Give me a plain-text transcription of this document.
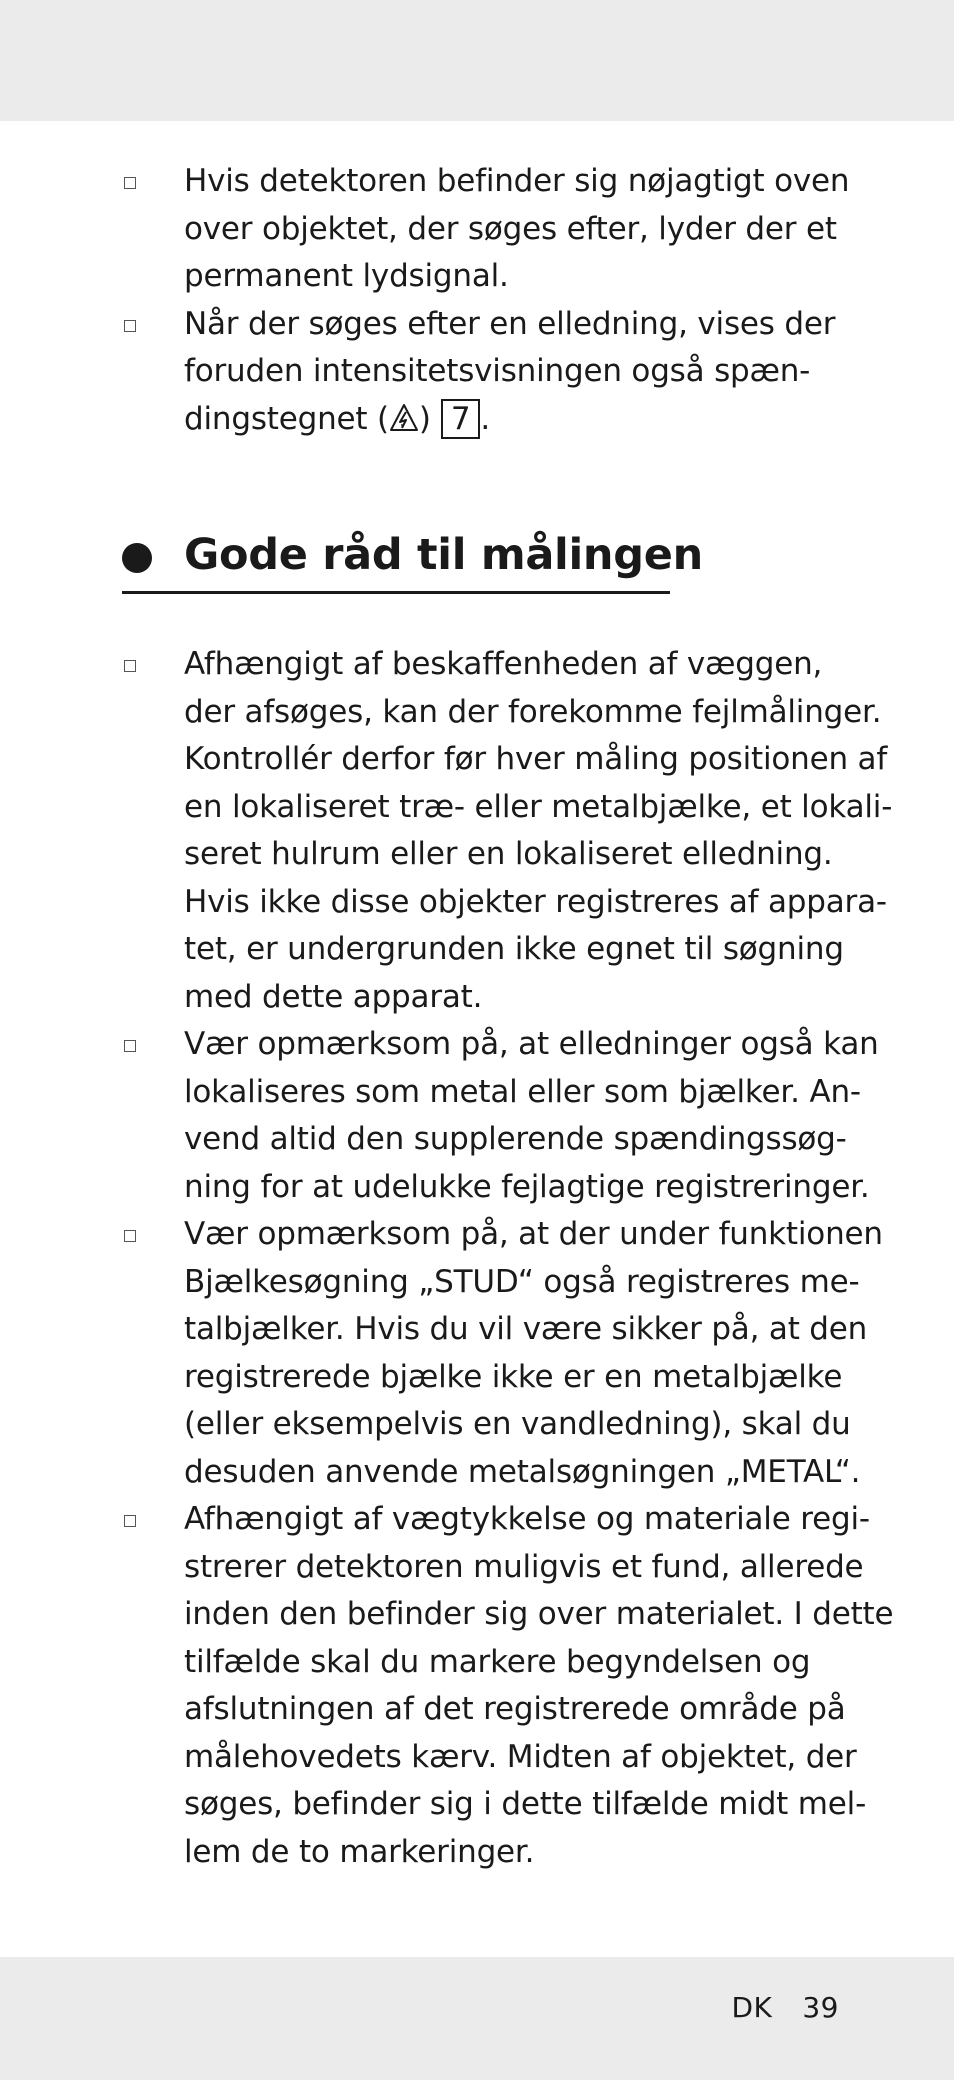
Hvis detektoren befinder sig nøjagtigt oven
over objektet, der søges efter, lyder der et
permanent lydsignal.
Når der søges efter en elledning, vises der
foruden intensitetsvisningen også spæn-
dingstegnet ( ) 7 .
Gode råd til målingen
Afhængigt af beskaffenheden af væggen,
der afsøges, kan der forekomme fejlmålinger.
Kontrollér derfor før hver måling positionen af
en lokaliseret træ- eller metalbjælke, et lokali-
seret hulrum eller en lokaliseret elledning.
Hvis ikke disse objekter registreres af appara-
tet, er undergrunden ikke egnet til søgning
med dette apparat.
Vær opmærksom på, at elledninger også kan
lokaliseres som metal eller som bjælker. An-
vend altid den supplerende spændingssøg-
ning for at udelukke fejlagtige registreringer.
Vær opmærksom på, at der under funktionen
Bjælkesøgning „STUD“ også registreres me-
talbjælker. Hvis du vil være sikker på, at den
registrerede bjælke ikke er en metalbjælke
(eller eksempelvis en vandledning), skal du
desuden anvende metalsøgningen „METAL“.
Afhængigt af vægtykkelse og materiale regi-
strerer detektoren muligvis et fund, allerede
inden den befinder sig over materialet. I dette
tilfælde skal du markere begyndelsen og
afslutningen af det registrerede område på
målehovedets kærv. Midten af objektet, der
søges, befinder sig i dette tilfælde midt mel-
lem de to markeringer.
DK 39
